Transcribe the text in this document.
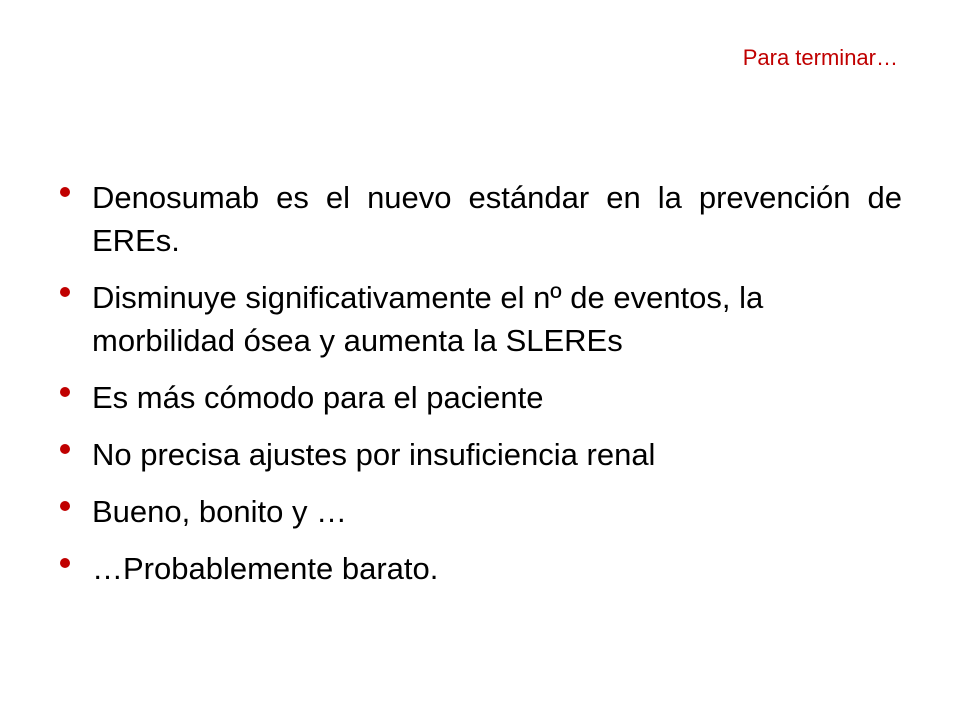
Para terminar…
Denosumab es el nuevo estándar en la prevención de EREs.
Disminuye significativamente el nº de eventos, la morbilidad ósea y aumenta la SLEREs
Es más cómodo para el paciente
No precisa ajustes por insuficiencia renal
Bueno, bonito y …
…Probablemente barato.
